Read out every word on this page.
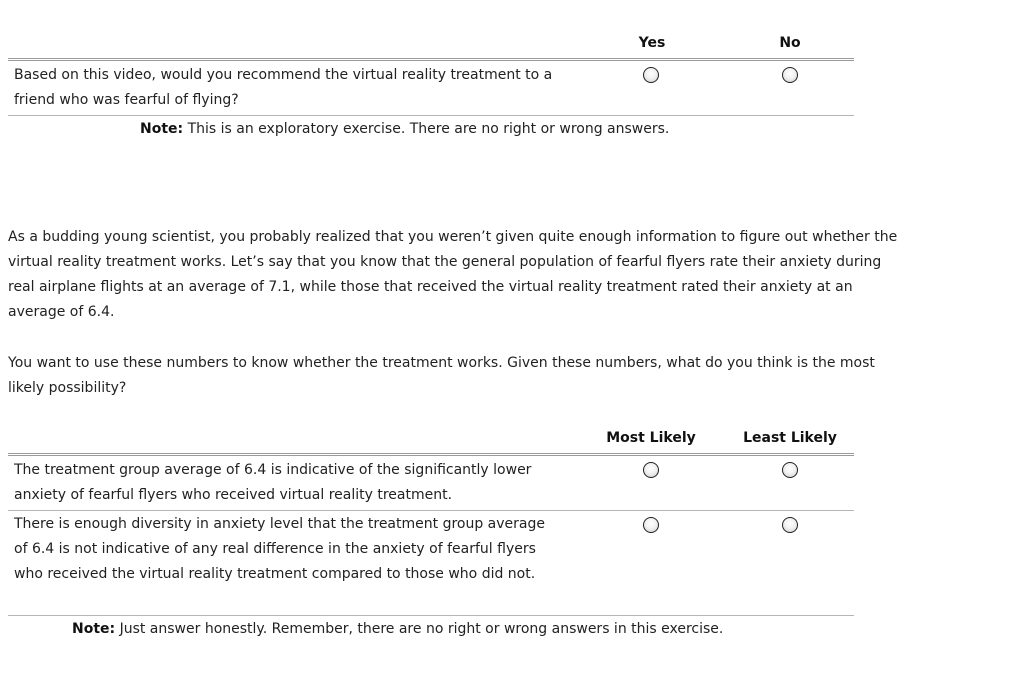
Yes	No
Based on this video, would you recommend the virtual reality treatment to a friend who was fearful of flying?
Note: This is an exploratory exercise. There are no right or wrong answers.
As a budding young scientist, you probably realized that you weren’t given quite enough information to figure out whether the virtual reality treatment works. Let’s say that you know that the general population of fearful flyers rate their anxiety during real airplane flights at an average of 7.1, while those that received the virtual reality treatment rated their anxiety at an average of 6.4.
You want to use these numbers to know whether the treatment works. Given these numbers, what do you think is the most likely possibility?
Most Likely	Least Likely
The treatment group average of 6.4 is indicative of the significantly lower anxiety of fearful flyers who received virtual reality treatment.
There is enough diversity in anxiety level that the treatment group average of 6.4 is not indicative of any real difference in the anxiety of fearful flyers who received the virtual reality treatment compared to those who did not.
Note: Just answer honestly. Remember, there are no right or wrong answers in this exercise.
